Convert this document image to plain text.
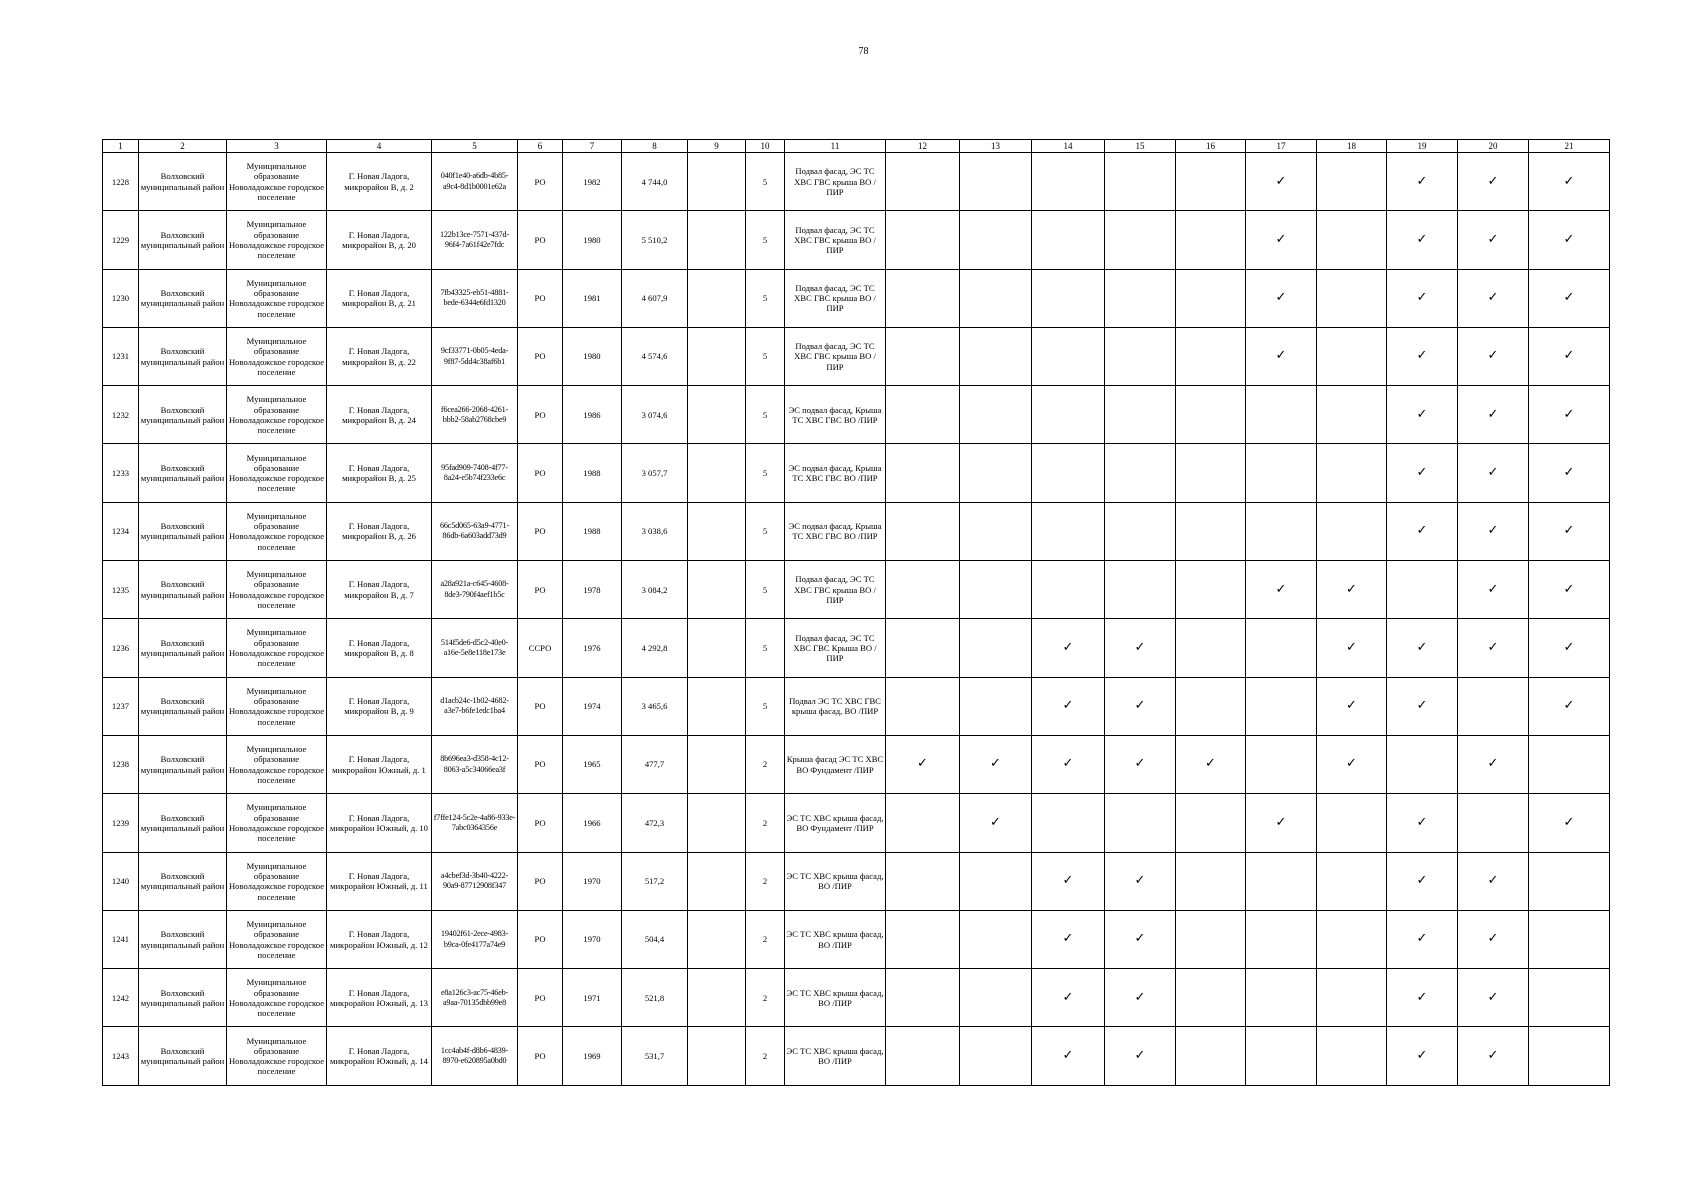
78
1	2	3	4	5	6	7	8	9	10	11	12	13	14	15	16	17	18	19	20	21
1228	Волховский муниципальный район	Муниципальное образование Новоладожское городское поселение	Г. Новая Ладога, микрорайон В, д. 2	040f1e40-a6db-4b85-a9c4-8d1b0001e62a	РО	1982	4 744,0		5	Подвал фасад, ЭС ТС ХВС ГВС крыша ВО /ПИР						✓		✓	✓	✓
1229	Волховский муниципальный район	Муниципальное образование Новоладожское городское поселение	Г. Новая Ладога, микрорайон В, д. 20	122b13ce-7571-437d-96f4-7a61f42e7fdc	РО	1980	5 510,2		5	Подвал фасад, ЭС ТС ХВС ГВС крыша ВО /ПИР						✓		✓	✓	✓
1230	Волховский муниципальный район	Муниципальное образование Новоладожское городское поселение	Г. Новая Ладога, микрорайон В, д. 21	7fb43325-eb51-4881-bede-6344e6fd1320	РО	1981	4 607,9		5	Подвал фасад, ЭС ТС ХВС ГВС крыша ВО /ПИР						✓		✓	✓	✓
1231	Волховский муниципальный район	Муниципальное образование Новоладожское городское поселение	Г. Новая Ладога, микрорайон В, д. 22	9cf33771-0b05-4eda-9f87-5dd4c38af6b1	РО	1980	4 574,6		5	Подвал фасад, ЭС ТС ХВС ГВС крыша ВО /ПИР						✓		✓	✓	✓
1232	Волховский муниципальный район	Муниципальное образование Новоладожское городское поселение	Г. Новая Ладога, микрорайон В, д. 24	f6cea266-2068-4261-bbb2-58ab2768cbe9	РО	1986	3 074,6		5	ЭС подвал фасад, Крыша ТС ХВС ГВС ВО /ПИР								✓	✓	✓
1233	Волховский муниципальный район	Муниципальное образование Новоладожское городское поселение	Г. Новая Ладога, микрорайон В, д. 25	95fad909-7408-4f77-8a24-e5b74f233e6c	РО	1988	3 057,7		5	ЭС подвал фасад, Крыша ТС ХВС ГВС ВО /ПИР								✓	✓	✓
1234	Волховский муниципальный район	Муниципальное образование Новоладожское городское поселение	Г. Новая Ладога, микрорайон В, д. 26	66c5d065-63a9-4771-86db-6a603add73d9	РО	1988	3 038,6		5	ЭС подвал фасад, Крыша ТС ХВС ГВС ВО /ПИР								✓	✓	✓
1235	Волховский муниципальный район	Муниципальное образование Новоладожское городское поселение	Г. Новая Ладога, микрорайон В, д. 7	a28a921a-c645-4608-8de3-790f4aef1b5c	РО	1978	3 084,2		5	Подвал фасад, ЭС ТС ХВС ГВС крыша ВО /ПИР						✓	✓		✓	✓
1236	Волховский муниципальный район	Муниципальное образование Новоладожское городское поселение	Г. Новая Ладога, микрорайон В, д. 8	514f5de6-d5c2-40e0-a16e-5e8e118e173e	ССРО	1976	4 292,8		5	Подвал фасад, ЭС ТС ХВС ГВС Крыша ВО /ПИР			✓	✓			✓	✓	✓	✓
1237	Волховский муниципальный район	Муниципальное образование Новоладожское городское поселение	Г. Новая Ладога, микрорайон В, д. 9	d1acb24c-1b02-4682-a3e7-b6fe1edc1ba4	РО	1974	3 465,6		5	Подвал ЭС ТС ХВС ГВС крыша фасад, ВО /ПИР			✓	✓			✓	✓		✓
1238	Волховский муниципальный район	Муниципальное образование Новоладожское городское поселение	Г. Новая Ладога, микрорайон Южный, д. 1	8b696ea3-d358-4c12-8063-a5c34066ea3f	РО	1965	477,7		2	Крыша фасад ЭС ТС ХВС ВО Фундамент /ПИР	✓	✓	✓	✓	✓		✓		✓	
1239	Волховский муниципальный район	Муниципальное образование Новоладожское городское поселение	Г. Новая Ладога, микрорайон Южный, д. 10	f7ffe124-5c2e-4a86-933e-7abc0364356e	РО	1966	472,3		2	ЭС ТС ХВС крыша фасад, ВО Фундамент /ПИР		✓				✓		✓		✓
1240	Волховский муниципальный район	Муниципальное образование Новоладожское городское поселение	Г. Новая Ладога, микрорайон Южный, д. 11	a4cbef3d-3b40-4222-90a9-87712908f347	РО	1970	517,2		2	ЭС ТС ХВС крыша фасад, ВО /ПИР			✓	✓				✓	✓	
1241	Волховский муниципальный район	Муниципальное образование Новоладожское городское поселение	Г. Новая Ладога, микрорайон Южный, д. 12	19402f61-2ece-4983-b9ca-0fe4177a74e9	РО	1970	504,4		2	ЭС ТС ХВС крыша фасад, ВО /ПИР			✓	✓				✓	✓	
1242	Волховский муниципальный район	Муниципальное образование Новоладожское городское поселение	Г. Новая Ладога, микрорайон Южный, д. 13	e8a126c3-ac75-46eb-a9aa-70135dbb99e8	РО	1971	521,8		2	ЭС ТС ХВС крыша фасад, ВО /ПИР			✓	✓				✓	✓	
1243	Волховский муниципальный район	Муниципальное образование Новоладожское городское поселение	Г. Новая Ладога, микрорайон Южный, д. 14	1cc4ab4f-d8b6-4839-8970-e620895a0bd0	РО	1969	531,7		2	ЭС ТС ХВС крыша фасад, ВО /ПИР			✓	✓				✓	✓	
